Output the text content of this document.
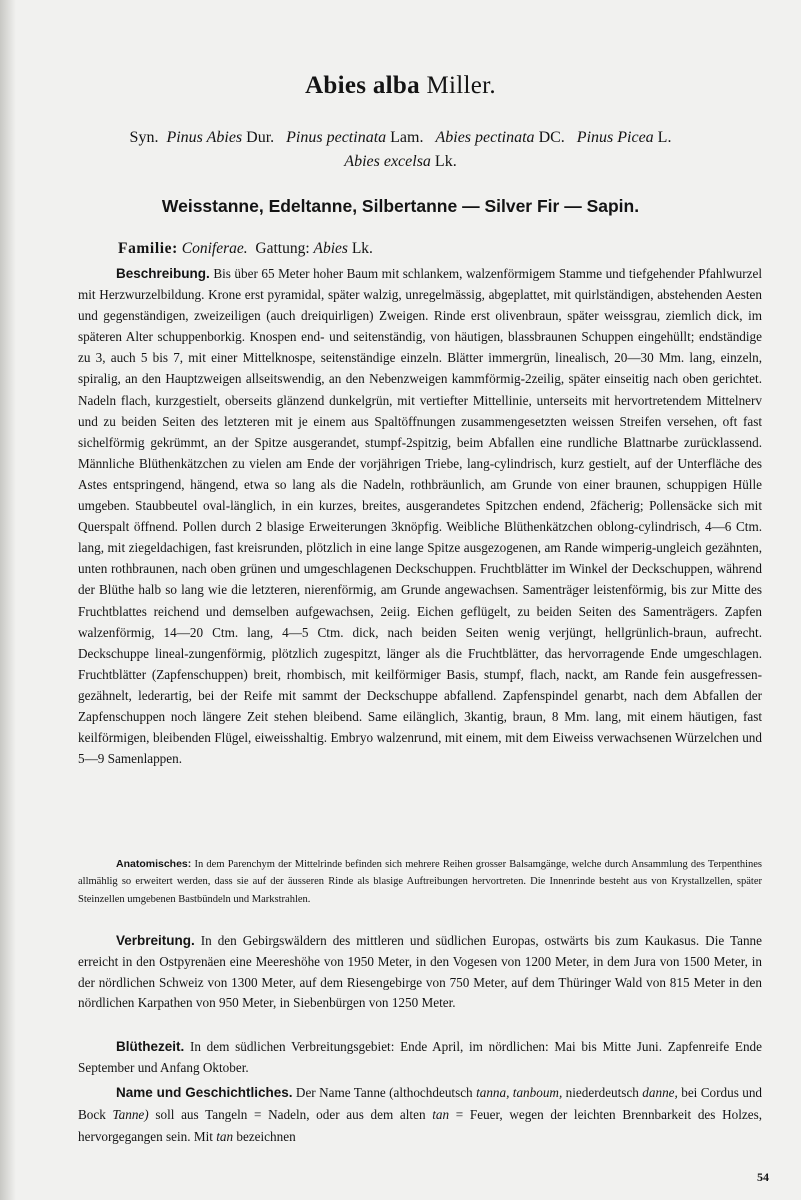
Abies alba Miller.
Syn. Pinus Abies Dur. Pinus pectinata Lam. Abies pectinata DC. Pinus Picea L.
Abies excelsa Lk.
Weisstanne, Edeltanne, Silbertanne — Silver Fir — Sapin.
Familie: Coniferae. Gattung: Abies Lk.

Beschreibung. Bis über 65 Meter hoher Baum mit schlankem, walzenförmigem Stamme und tiefgehender Pfahlwurzel mit Herzwurzelbildung. Krone erst pyramidal, später walzig, unregelmässig, abgeplattet, mit quirlständigen, abstehenden Aesten und gegenständigen, zweizeiligen (auch dreiquirligen) Zweigen. Rinde erst olivenbraun, später weissgrau, ziemlich dick, im späteren Alter schuppenborkig. Knospen end- und seitenständig, von häutigen, blassbraunen Schuppen eingehüllt; endständige zu 3, auch 5 bis 7, mit einer Mittelknospe, seitenständige einzeln. Blätter immergrün, linealisch, 20—30 Mm. lang, einzeln, spiralig, an den Hauptzweigen allseitswendig, an den Nebenzweigen kammförmig-2zeilig, später einseitig nach oben gerichtet. Nadeln flach, kurzgestielt, oberseits glänzend dunkelgrün, mit vertiefter Mittellinie, unterseits mit hervortretendem Mittelnerv und zu beiden Seiten des letzteren mit je einem aus Spaltöffnungen zusammengesetzten weissen Streifen versehen, oft fast sichelförmig gekrümmt, an der Spitze ausgerandet, stumpf-2spitzig, beim Abfallen eine rundliche Blattnarbe zurücklassend. Männliche Blüthenkätzchen zu vielen am Ende der vorjährigen Triebe, lang-cylindrisch, kurz gestielt, auf der Unterfläche des Astes entspringend, hängend, etwa so lang als die Nadeln, rothbräunlich, am Grunde von einer braunen, schuppigen Hülle umgeben. Staubbeutel oval-länglich, in ein kurzes, breites, ausgerandetes Spitzchen endend, 2fächerig; Pollensäcke sich mit Querspalt öffnend. Pollen durch 2 blasige Erweiterungen 3knöpfig. Weibliche Blüthenkätzchen oblong-cylindrisch, 4—6 Ctm. lang, mit ziegeldachigen, fast kreisrunden, plötzlich in eine lange Spitze ausgezogenen, am Rande wimperig-ungleich gezähnten, unten rothbraunen, nach oben grünen und umgeschlagenen Deckschuppen. Fruchtblätter im Winkel der Deckschuppen, während der Blüthe halb so lang wie die letzteren, nierenförmig, am Grunde angewachsen. Samenträger leistenförmig, bis zur Mitte des Fruchtblattes reichend und demselben aufgewachsen, 2eiig. Eichen geflügelt, zu beiden Seiten des Samenträgers. Zapfen walzenförmig, 14—20 Ctm. lang, 4—5 Ctm. dick, nach beiden Seiten wenig verjüngt, hellgrünlich-braun, aufrecht. Deckschuppe lineal-zungenförmig, plötzlich zugespitzt, länger als die Fruchtblätter, das hervorragende Ende umgeschlagen. Fruchtblätter (Zapfenschuppen) breit, rhombisch, mit keilförmiger Basis, stumpf, flach, nackt, am Rande fein ausgefressen-gezähnelt, lederartig, bei der Reife mit sammt der Deckschuppe abfallend. Zapfenspindel genarbt, nach dem Abfallen der Zapfenschuppen noch längere Zeit stehen bleibend. Same eilänglich, 3kantig, braun, 8 Mm. lang, mit einem häutigen, fast keilförmigen, bleibenden Flügel, eiweisshaltig. Embryo walzenrund, mit einem, mit dem Eiweiss verwachsenen Würzelchen und 5—9 Samenlappen.

Anatomisches: In dem Parenchym der Mittelrinde befinden sich mehrere Reihen grosser Balsamgänge, welche durch Ansammlung des Terpenthines allmählig so erweitert werden, dass sie auf der äusseren Rinde als blasige Auftreibungen hervortreten. Die Innenrinde besteht aus von Krystallzellen, später Steinzellen umgebenen Bastbündeln und Markstrahlen.

Verbreitung. In den Gebirgswäldern des mittleren und südlichen Europas, ostwärts bis zum Kaukasus. Die Tanne erreicht in den Ostpyrenäen eine Meereshöhe von 1950 Meter, in den Vogesen von 1200 Meter, in dem Jura von 1500 Meter, in der nördlichen Schweiz von 1300 Meter, auf dem Riesengebirge von 750 Meter, auf dem Thüringer Wald von 815 Meter in den nördlichen Karpathen von 950 Meter, in Siebenbürgen von 1250 Meter.

Blüthezeit. In dem südlichen Verbreitungsgebiet: Ende April, im nördlichen: Mai bis Mitte Juni. Zapfenreife Ende September und Anfang Oktober.

Name und Geschichtliches. Der Name Tanne (althochdeutsch tanna, tanboum, niederdeutsch danne, bei Cordus und Bock Tanne) soll aus Tangeln = Nadeln, oder aus dem alten tan = Feuer, wegen der leichten Brennbarkeit des Holzes, hervorgegangen sein. Mit tan bezeichnen

54
